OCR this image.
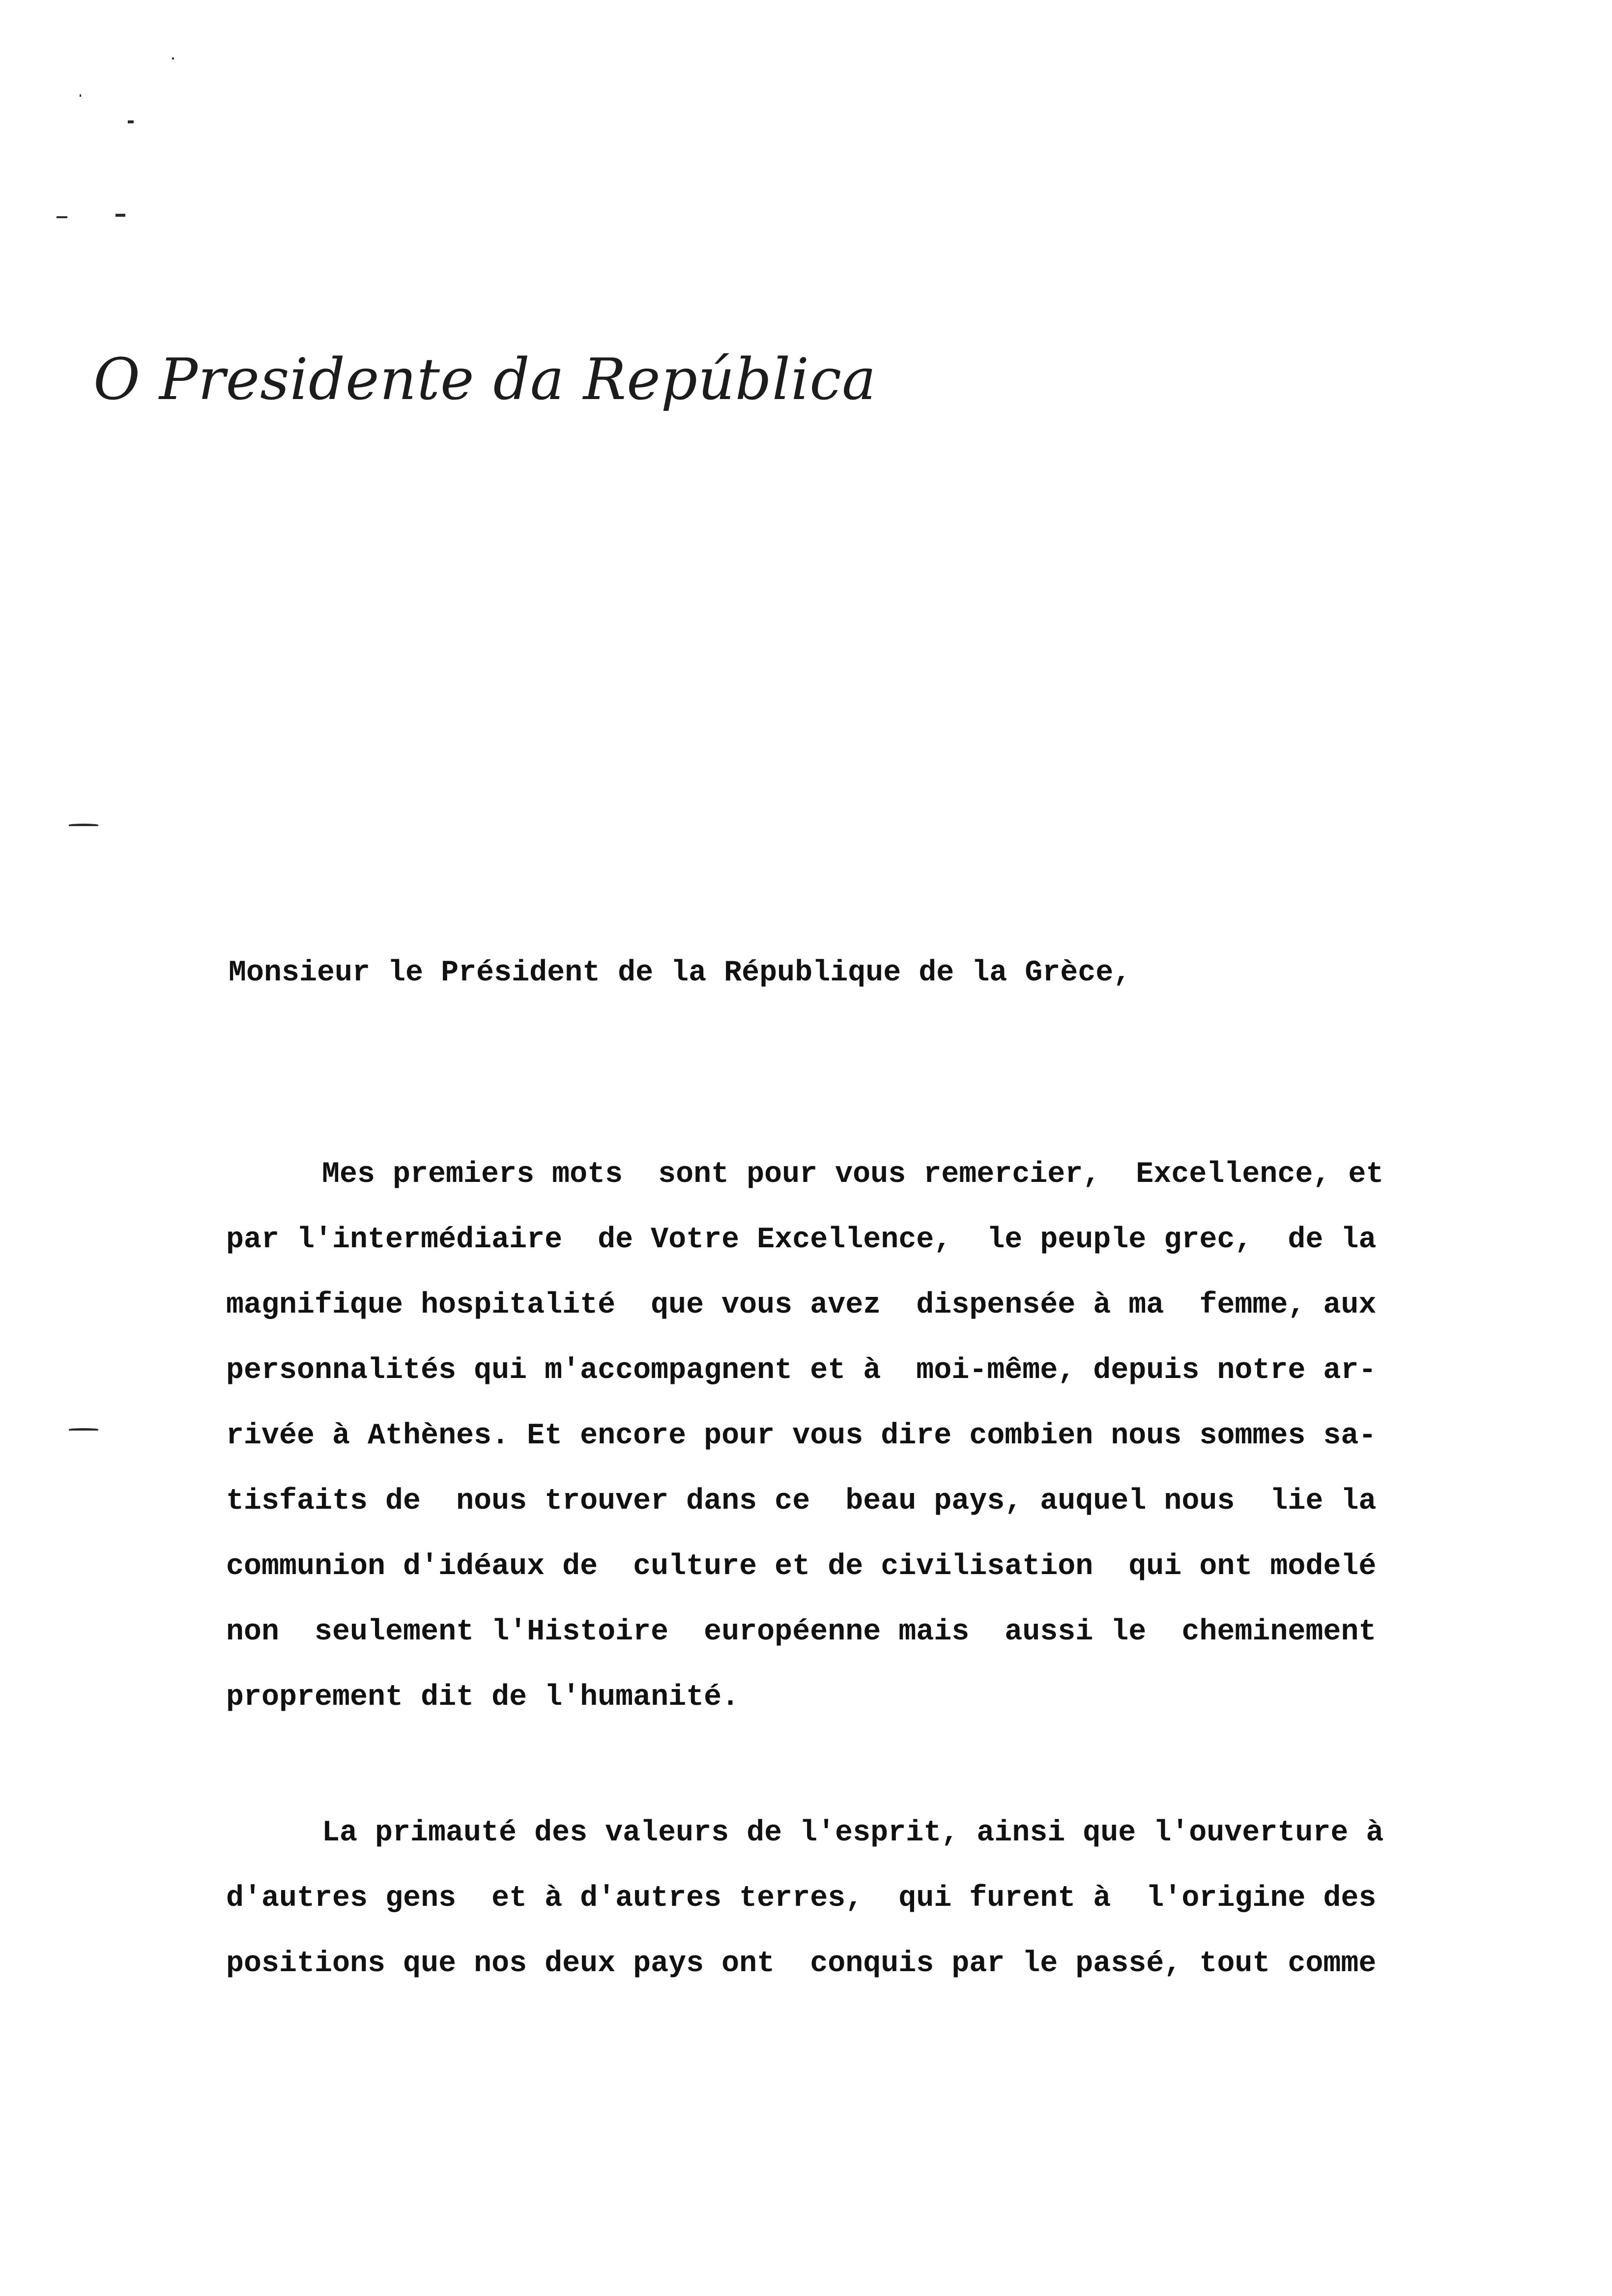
O Presidente da República
Monsieur le Président de la République de la Grèce,
Mes premiers mots  sont pour vous remercier,  Excellence, et
par l'intermédiaire  de Votre Excellence,  le peuple grec,  de la
magnifique hospitalité  que vous avez  dispensée à ma  femme, aux
personnalités qui m'accompagnent et à  moi-même, depuis notre ar-
rivée à Athènes. Et encore pour vous dire combien nous sommes sa-
tisfaits de  nous trouver dans ce  beau pays, auquel nous  lie la
communion d'idéaux de  culture et de civilisation  qui ont modelé
non  seulement l'Histoire  européenne mais  aussi le  cheminement
proprement dit de l'humanité.
La primauté des valeurs de l'esprit, ainsi que l'ouverture à
d'autres gens  et à d'autres terres,  qui furent à  l'origine des
positions que nos deux pays ont  conquis par le passé, tout comme
